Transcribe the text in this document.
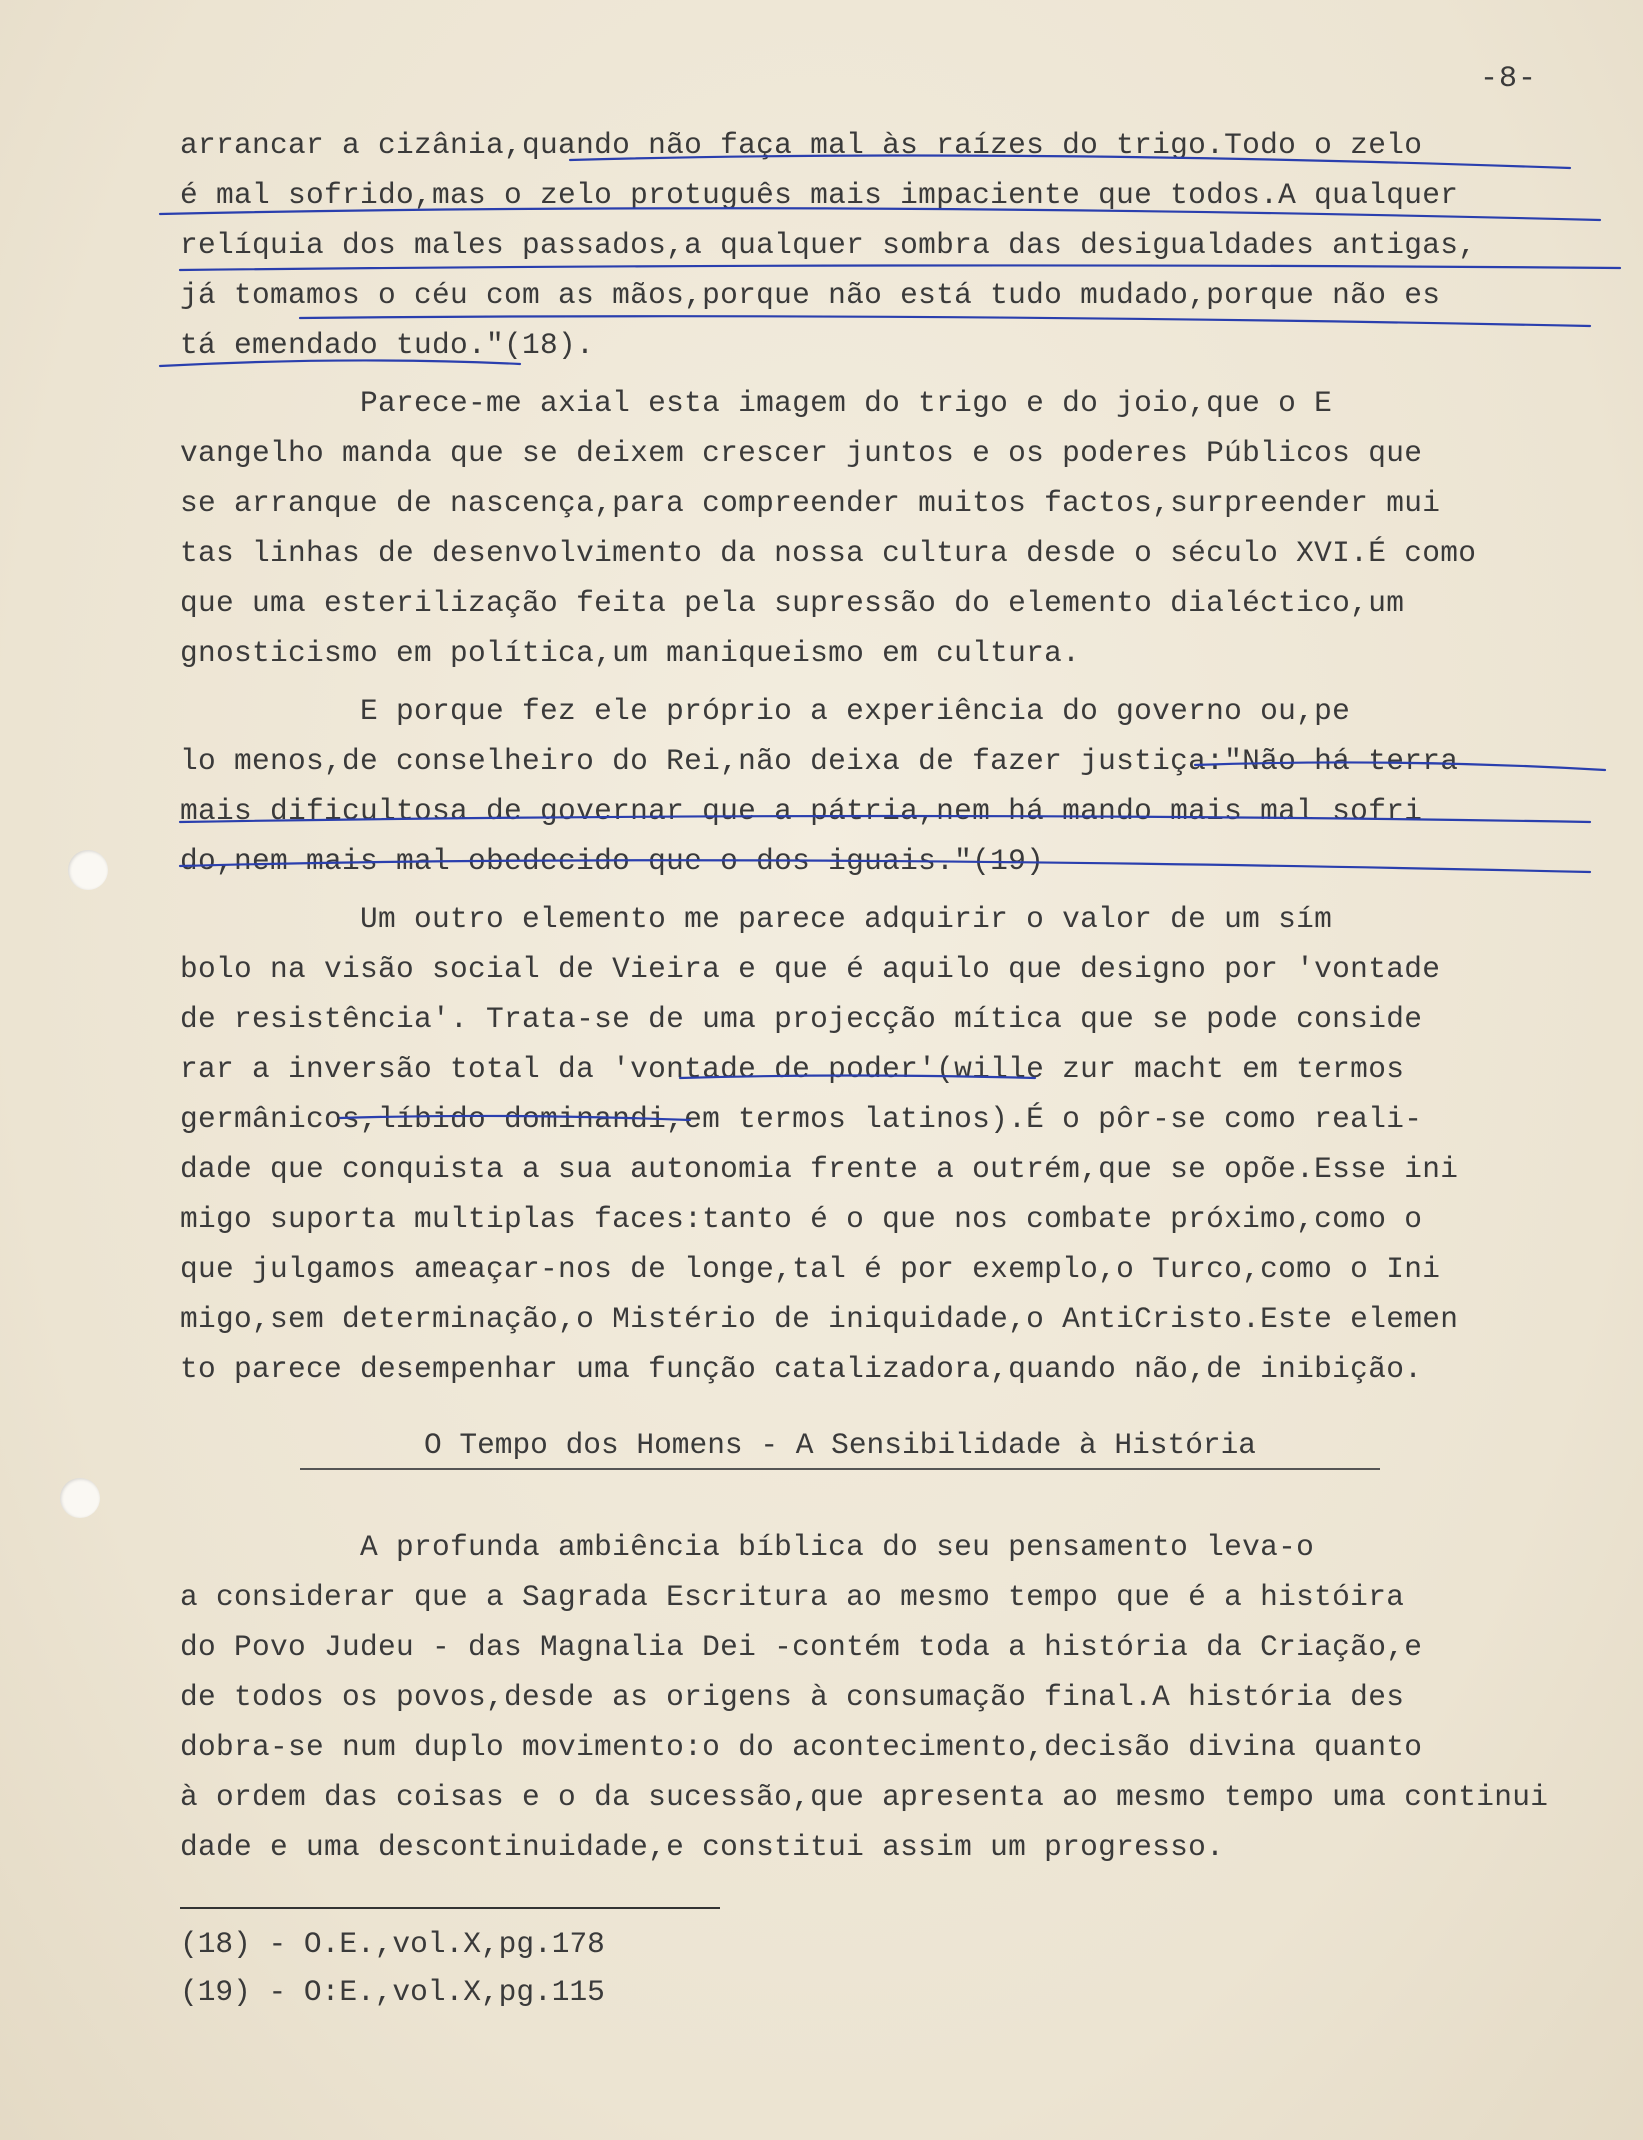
-8-
arrancar a cizânia,quando não faça mal às raízes do trigo.Todo o zelo
é mal sofrido,mas o zelo protuguês mais impaciente que todos.A qualquer
relíquia dos males passados,a qualquer sombra das desigualdades antigas,
já tomamos o céu com as mãos,porque não está tudo mudado,porque não es
tá emendado tudo."(18).
Parece-me axial esta imagem do trigo e do joio,que o E
vangelho manda que se deixem crescer juntos e os poderes Públicos que
se arranque de nascença,para compreender muitos factos,surpreender mui
tas linhas de desenvolvimento da nossa cultura desde o século XVI.É como
que uma esterilização feita pela supressão do elemento dialéctico,um
gnosticismo em política,um maniqueismo em cultura.
E porque fez ele próprio a experiência do governo ou,pe
lo menos,de conselheiro do Rei,não deixa de fazer justiça:"Não há terra
mais dificultosa de governar que a pátria,nem há mando mais mal sofri
do,nem mais mal obedecido que o dos iguais."(19)
Um outro elemento me parece adquirir o valor de um sím
bolo na visão social de Vieira e que é aquilo que designo por 'vontade
de resistência'. Trata-se de uma projecção mítica que se pode conside
rar a inversão total da 'vontade de poder'(wille zur macht em termos
germânicos,líbido dominandi,em termos latinos).É o pôr-se como reali-
dade que conquista a sua autonomia frente a outrém,que se opõe.Esse ini
migo suporta multiplas faces:tanto é o que nos combate próximo,como o
que julgamos ameaçar-nos de longe,tal é por exemplo,o Turco,como o Ini
migo,sem determinação,o Mistério de iniquidade,o AntiCristo.Este elemen
to parece desempenhar uma função catalizadora,quando não,de inibição.
O Tempo dos Homens - A Sensibilidade à História
A profunda ambiência bíblica do seu pensamento leva-o
a considerar que a Sagrada Escritura ao mesmo tempo que é a históira
do Povo Judeu - das Magnalia Dei -contém toda a história da Criação,e
de todos os povos,desde as origens à consumação final.A história des
dobra-se num duplo movimento:o do acontecimento,decisão divina quanto
à ordem das coisas e o da sucessão,que apresenta ao mesmo tempo uma continui
dade e uma descontinuidade,e constitui assim um progresso.
(18) - O.E.,vol.X,pg.178
(19) - O:E.,vol.X,pg.115
